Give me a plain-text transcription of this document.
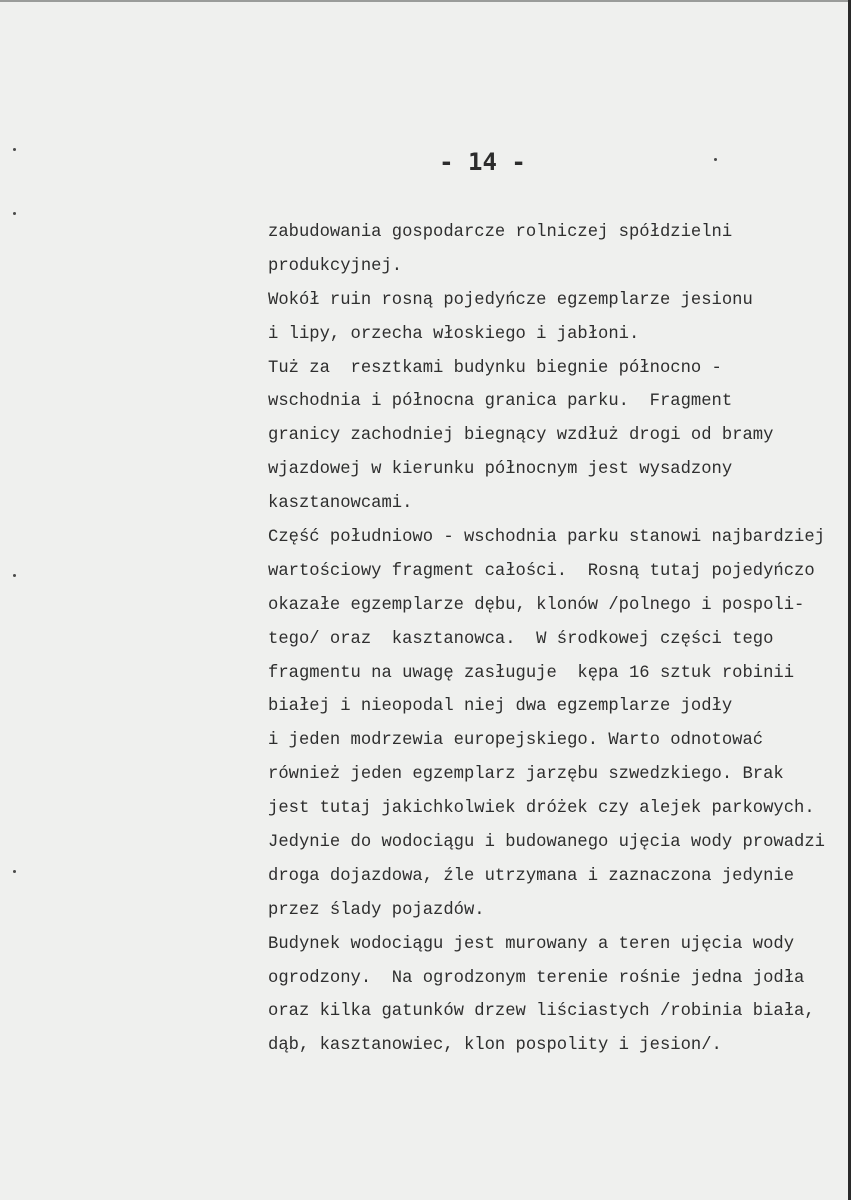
- 14 -
zabudowania gospodarcze rolniczej spółdzielni
produkcyjnej.
Wokół ruin rosną pojedyńcze egzemplarze jesionu
i lipy, orzecha włoskiego i jabłoni.
Tuż za  resztkami budynku biegnie północno -
wschodnia i północna granica parku.  Fragment
granicy zachodniej biegnący wzdłuż drogi od bramy
wjazdowej w kierunku północnym jest wysadzony
kasztanowcami.
Część południowo - wschodnia parku stanowi najbardziej
wartościowy fragment całości.  Rosną tutaj pojedyńczo
okazałe egzemplarze dębu, klonów /polnego i pospoli-
tego/ oraz  kasztanowca.  W środkowej części tego
fragmentu na uwagę zasługuje  kępa 16 sztuk robinii
białej i nieopodal niej dwa egzemplarze jodły
i jeden modrzewia europejskiego. Warto odnotować
również jeden egzemplarz jarzębu szwedzkiego. Brak
jest tutaj jakichkolwiek dróżek czy alejek parkowych.
Jedynie do wodociągu i budowanego ujęcia wody prowadzi
droga dojazdowa, źle utrzymana i zaznaczona jedynie
przez ślady pojazdów.
Budynek wodociągu jest murowany a teren ujęcia wody
ogrodzony.  Na ogrodzonym terenie rośnie jedna jodła
oraz kilka gatunków drzew liściastych /robinia biała,
dąb, kasztanowiec, klon pospolity i jesion/.
